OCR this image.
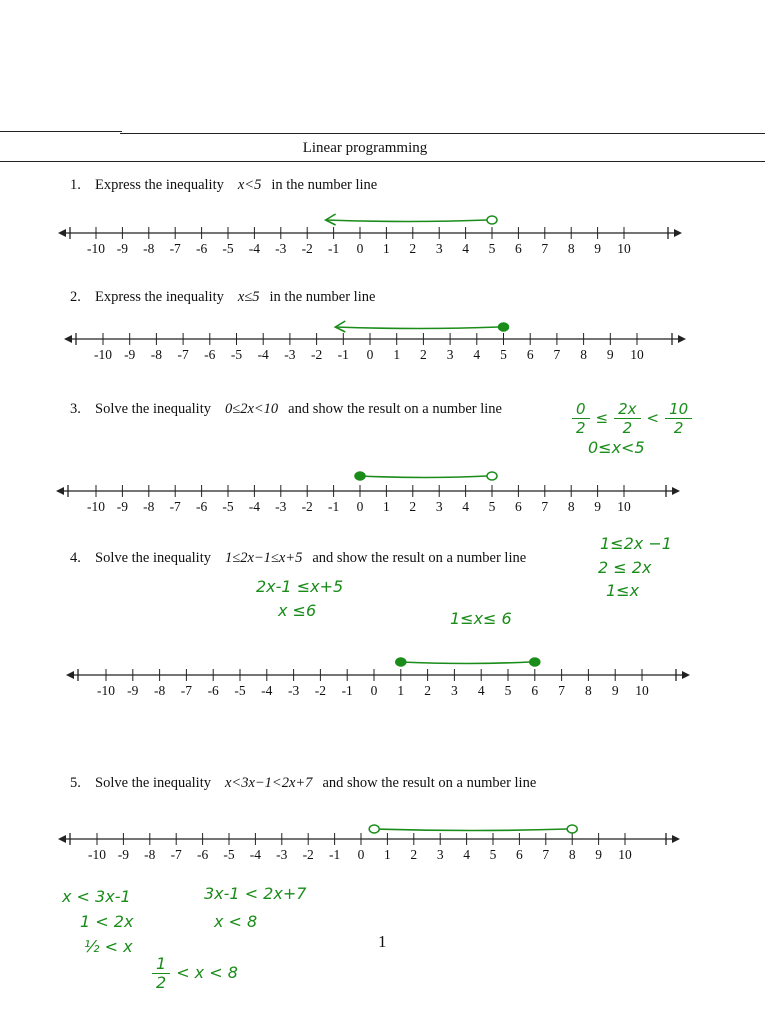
Linear programming
1. Express the inequality x<5 in the number line
2. Express the inequality x≤5 in the number line
3. Solve the inequality 0≤2x<10 and show the result on a number line
4. Solve the inequality 1≤2x−1≤x+5 and show the result on a number line
5. Solve the inequality x<3x−1<2x+7 and show the result on a number line
-10 -9 -8 -7 -6 -5 -4 -3 -2 -1 0 1 2 3 4 5 6 7 8 9 10
-10 -9 -8 -7 -6 -5 -4 -3 -2 -1 0 1 2 3 4 5 6 7 8 9 10
-10 -9 -8 -7 -6 -5 -4 -3 -2 -1 0 1 2 3 4 5 6 7 8 9 10
-10 -9 -8 -7 -6 -5 -4 -3 -2 -1 0 1 2 3 4 5 6 7 8 9 10
-10 -9 -8 -7 -6 -5 -4 -3 -2 -1 0 1 2 3 4 5 6 7 8 9 10
$\frac{0}{2} \le \frac{2x}{2} < \frac{10}{2}$
0≤x<5
1≤2x −1
2 ≤ 2x
1≤x
2x-1 ≤x+5
x ≤6	1≤x≤ 6
x < 3x-1
1 < 2x
½ < x
$\frac{1}{2} < x < 8$
3x-1 < 2x+7
x < 8
1
